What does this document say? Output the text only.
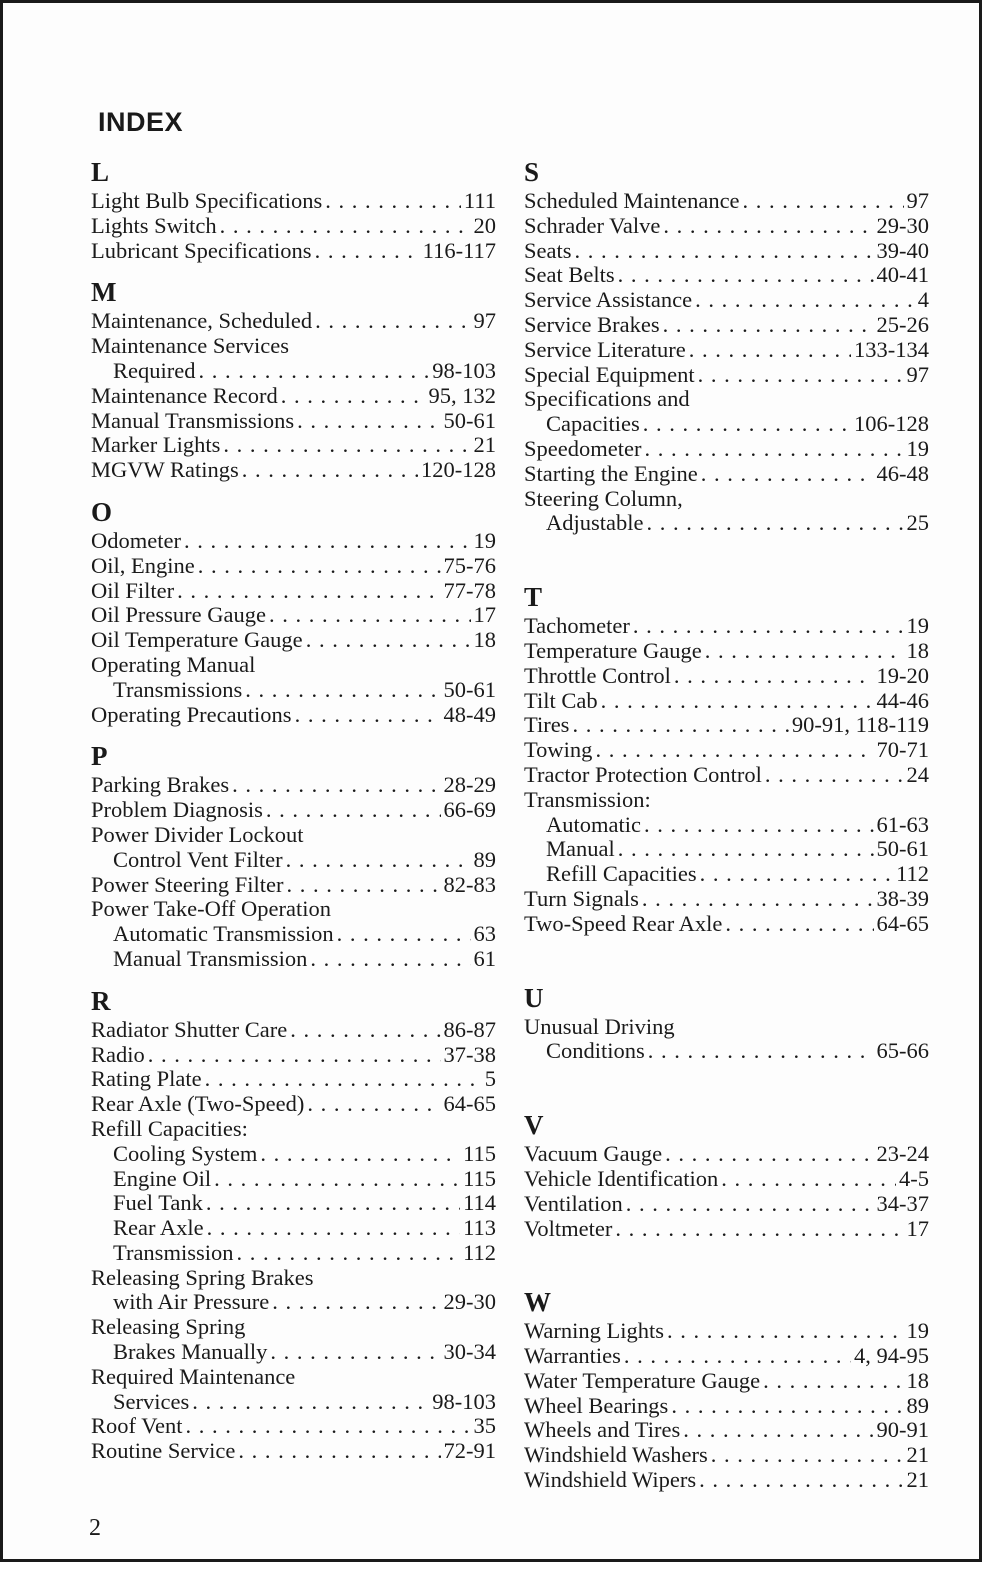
INDEX
L
Light Bulb Specifications . . .	111
Lights Switch . . .	20
Lubricant Specifications . . .	116-117
M
Maintenance, Scheduled . . .	97
Maintenance Services
Required . . .	98-103
Maintenance Record . . .	95, 132
Manual Transmissions . . .	50-61
Marker Lights . . .	21
MGVW Ratings . . .	120-128
O
Odometer . . .	19
Oil, Engine . . .	75-76
Oil Filter . . .	77-78
Oil Pressure Gauge . . .	17
Oil Temperature Gauge . . .	18
Operating Manual
Transmissions . . .	50-61
Operating Precautions . . .	48-49
P
Parking Brakes . . .	28-29
Problem Diagnosis . . .	66-69
Power Divider Lockout
Control Vent Filter . . .	89
Power Steering Filter . . .	82-83
Power Take-Off Operation
Automatic Transmission . . .	63
Manual Transmission . . .	61
R
Radiator Shutter Care . . .	86-87
Radio . . .	37-38
Rating Plate . . .	5
Rear Axle (Two-Speed) . . .	64-65
Refill Capacities:
Cooling System . . .	115
Engine Oil . . .	115
Fuel Tank . . .	114
Rear Axle . . .	113
Transmission . . .	112
Releasing Spring Brakes
with Air Pressure . . .	29-30
Releasing Spring
Brakes Manually . . .	30-34
Required Maintenance
Services . . .	98-103
Roof Vent . . .	35
Routine Service . . .	72-91
S
Scheduled Maintenance . . .	97
Schrader Valve . . .	29-30
Seats . . .	39-40
Seat Belts . . .	40-41
Service Assistance . . .	4
Service Brakes . . .	25-26
Service Literature . . .	133-134
Special Equipment . . .	97
Specifications and
Capacities . . .	106-128
Speedometer . . .	19
Starting the Engine . . .	46-48
Steering Column,
Adjustable . . .	25
T
Tachometer . . .	19
Temperature Gauge . . .	18
Throttle Control . . .	19-20
Tilt Cab . . .	44-46
Tires . . .	90-91, 118-119
Towing . . .	70-71
Tractor Protection Control . . .	24
Transmission:
Automatic . . .	61-63
Manual . . .	50-61
Refill Capacities . . .	112
Turn Signals . . .	38-39
Two-Speed Rear Axle . . .	64-65
U
Unusual Driving
Conditions . . .	65-66
V
Vacuum Gauge . . .	23-24
Vehicle Identification . . .	4-5
Ventilation . . .	34-37
Voltmeter . . .	17
W
Warning Lights . . .	19
Warranties . . .	4, 94-95
Water Temperature Gauge . . .	18
Wheel Bearings . . .	89
Wheels and Tires . . .	90-91
Windshield Washers . . .	21
Windshield Wipers . . .	21
2
